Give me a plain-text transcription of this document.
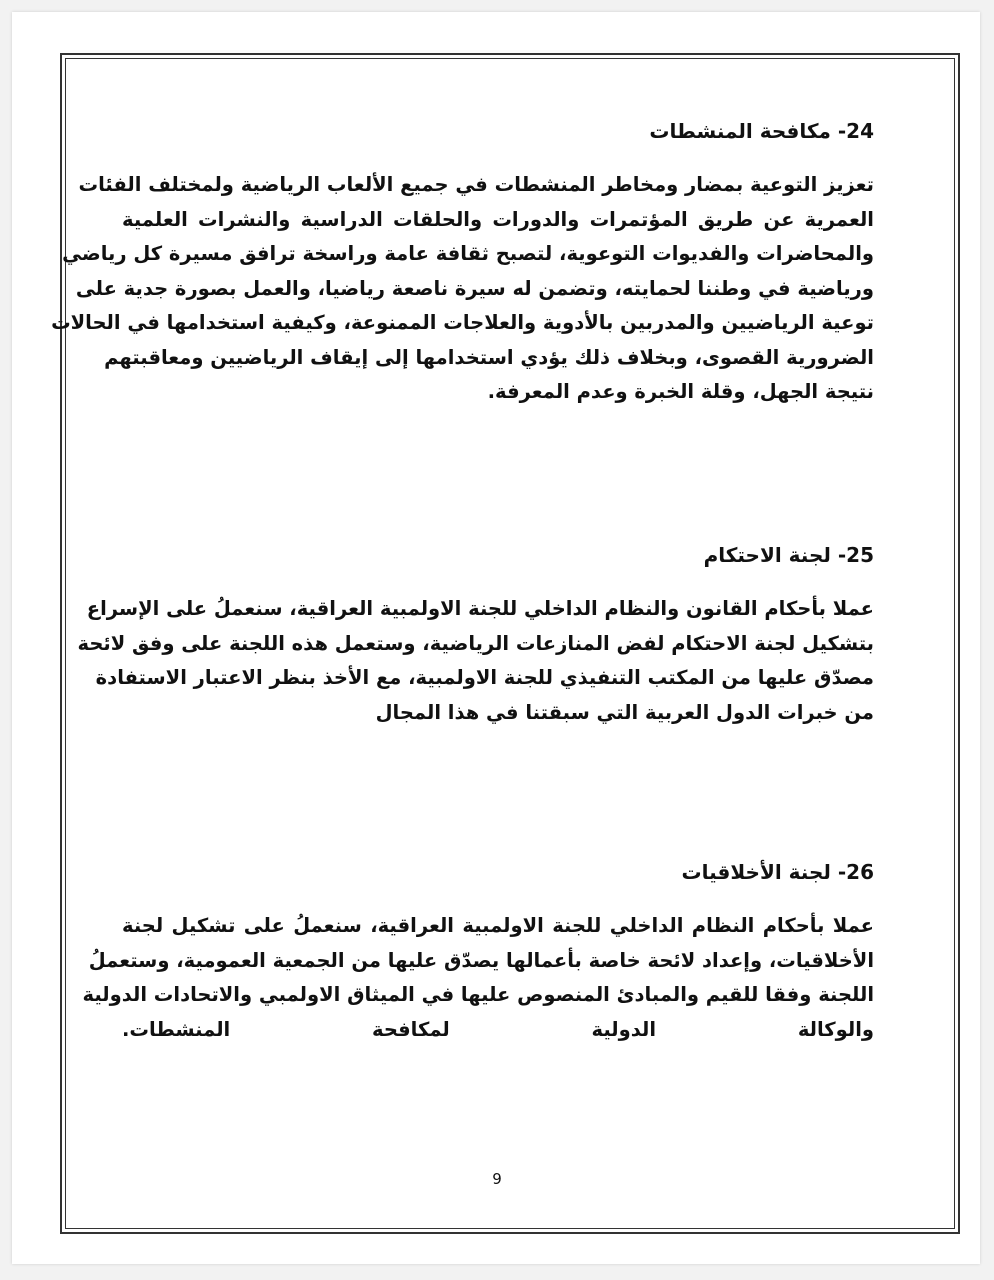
24- مكافحة المنشطات

تعزيز التوعية بمضار ومخاطر المنشطات في جميع الألعاب الرياضية ولمختلف الفئات
العمرية عن طريق المؤتمرات والدورات والحلقات الدراسية والنشرات العلمية
والمحاضرات والفديوات التوعوية، لتصبح ثقافة عامة وراسخة ترافق مسيرة كل رياضي
ورياضية في وطننا لحمايته، وتضمن له سيرة ناصعة رياضيا، والعمل بصورة جدية على
توعية الرياضيين والمدربين بالأدوية والعلاجات الممنوعة، وكيفية استخدامها في الحالات
الضرورية القصوى، وبخلاف ذلك يؤدي استخدامها إلى إيقاف الرياضيين ومعاقبتهم
نتيجة الجهل، وقلة الخبرة وعدم المعرفة.

25- لجنة الاحتكام

عملا بأحكام القانون والنظام الداخلي للجنة الاولمبية العراقية، سنعملُ على الإسراع
بتشكيل لجنة الاحتكام لفض المنازعات الرياضية، وستعمل هذه اللجنة على وفق لائحة
مصدّق عليها من المكتب التنفيذي للجنة الاولمبية، مع الأخذ بنظر الاعتبار الاستفادة
من خبرات الدول العربية التي سبقتنا في هذا المجال

26- لجنة الأخلاقيات

عملا بأحكام النظام الداخلي للجنة الاولمبية العراقية، سنعملُ على تشكيل لجنة
الأخلاقيات، وإعداد لائحة خاصة بأعمالها يصدّق عليها من الجمعية العمومية، وستعملُ
اللجنة وفقا للقيم والمبادئ المنصوص عليها في الميثاق الاولمبي والاتحادات الدولية
والوكالة الدولية لمكافحة المنشطات.
9
